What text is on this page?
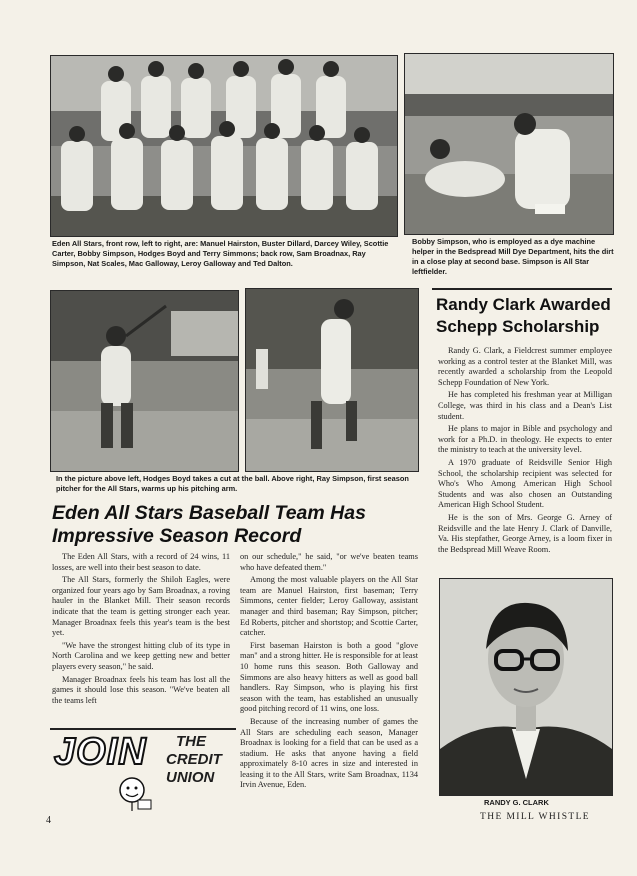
Eden All Stars, front row, left to right, are: Manuel Hairston, Buster Dillard, Darcey Wiley, Scottie Carter, Bobby Simpson, Hodges Boyd and Terry Simmons; back row, Sam Broadnax, Ray Simpson, Nat Scales, Mac Galloway, Leroy Galloway and Ted Dalton.
Bobby Simpson, who is employed as a dye machine helper in the Bedspread Mill Dye Department, hits the dirt in a close play at second base. Simpson is All Star leftfielder.
In the picture above left, Hodges Boyd takes a cut at the ball. Above right, Ray Simpson, first season pitcher for the All Stars, warms up his pitching arm.
Eden All Stars Baseball Team Has Impressive Season Record

The Eden All Stars, with a record of 24 wins, 11 losses, are well into their best season to date.

The All Stars, formerly the Shiloh Eagles, were organized four years ago by Sam Broadnax, a roving hauler in the Blanket Mill. Their season records indicate that the team is getting stronger each year. Manager Broadnax feels this year's team is the best yet.

"We have the strongest hitting club of its type in North Carolina and we keep getting new and better players every season," he said.

Manager Broadnax feels his team has lost all the games it should lose this season. "We've beaten all the teams left

on our schedule," he said, "or we've beaten teams who have defeated them."

Among the most valuable players on the All Star team are Manuel Hairston, first baseman; Terry Simmons, center fielder; Leroy Galloway, assistant manager and third baseman; Ray Simpson, pitcher; Ed Roberts, pitcher and shortstop; and Scottie Carter, catcher.

First baseman Hairston is both a good "glove man" and a strong hitter. He is responsible for at least 10 home runs this season. Both Galloway and Simmons are also heavy hitters as well as good ball handlers. Ray Simpson, who is playing his first season with the team, has established an unusually good pitching record of 11 wins, one loss.

Because of the increasing number of games the All Stars are scheduling each season, Manager Broadnax is looking for a field that can be used as a stadium. He asks that anyone having a field approximately 8-10 acres in size and interested in leasing it to the All Stars, write Sam Broadnax, 1134 Irvin Avenue, Eden.

JOIN THE
CREDIT
UNION
Randy Clark Awarded Schepp Scholarship

Randy G. Clark, a Fieldcrest summer employee working as a control tester at the Blanket Mill, was recently awarded a scholarship from the Leopold Schepp Foundation of New York.

He has completed his freshman year at Milligan College, was third in his class and a Dean's List student.

He plans to major in Bible and psychology and work for a Ph.D. in theology. He expects to enter the ministry to teach at the university level.

A 1970 graduate of Reidsville Senior High School, the scholarship recipient was selected for Who's Who Among American High School Students and was also chosen an Outstanding American High School Student.

He is the son of Mrs. George G. Arney of Reidsville and the late Henry J. Clark of Danville, Va. His stepfather, George Arney, is a loom fixer in the Bedspread Mill Weave Room.

RANDY G. CLARK
4	THE MILL WHISTLE
